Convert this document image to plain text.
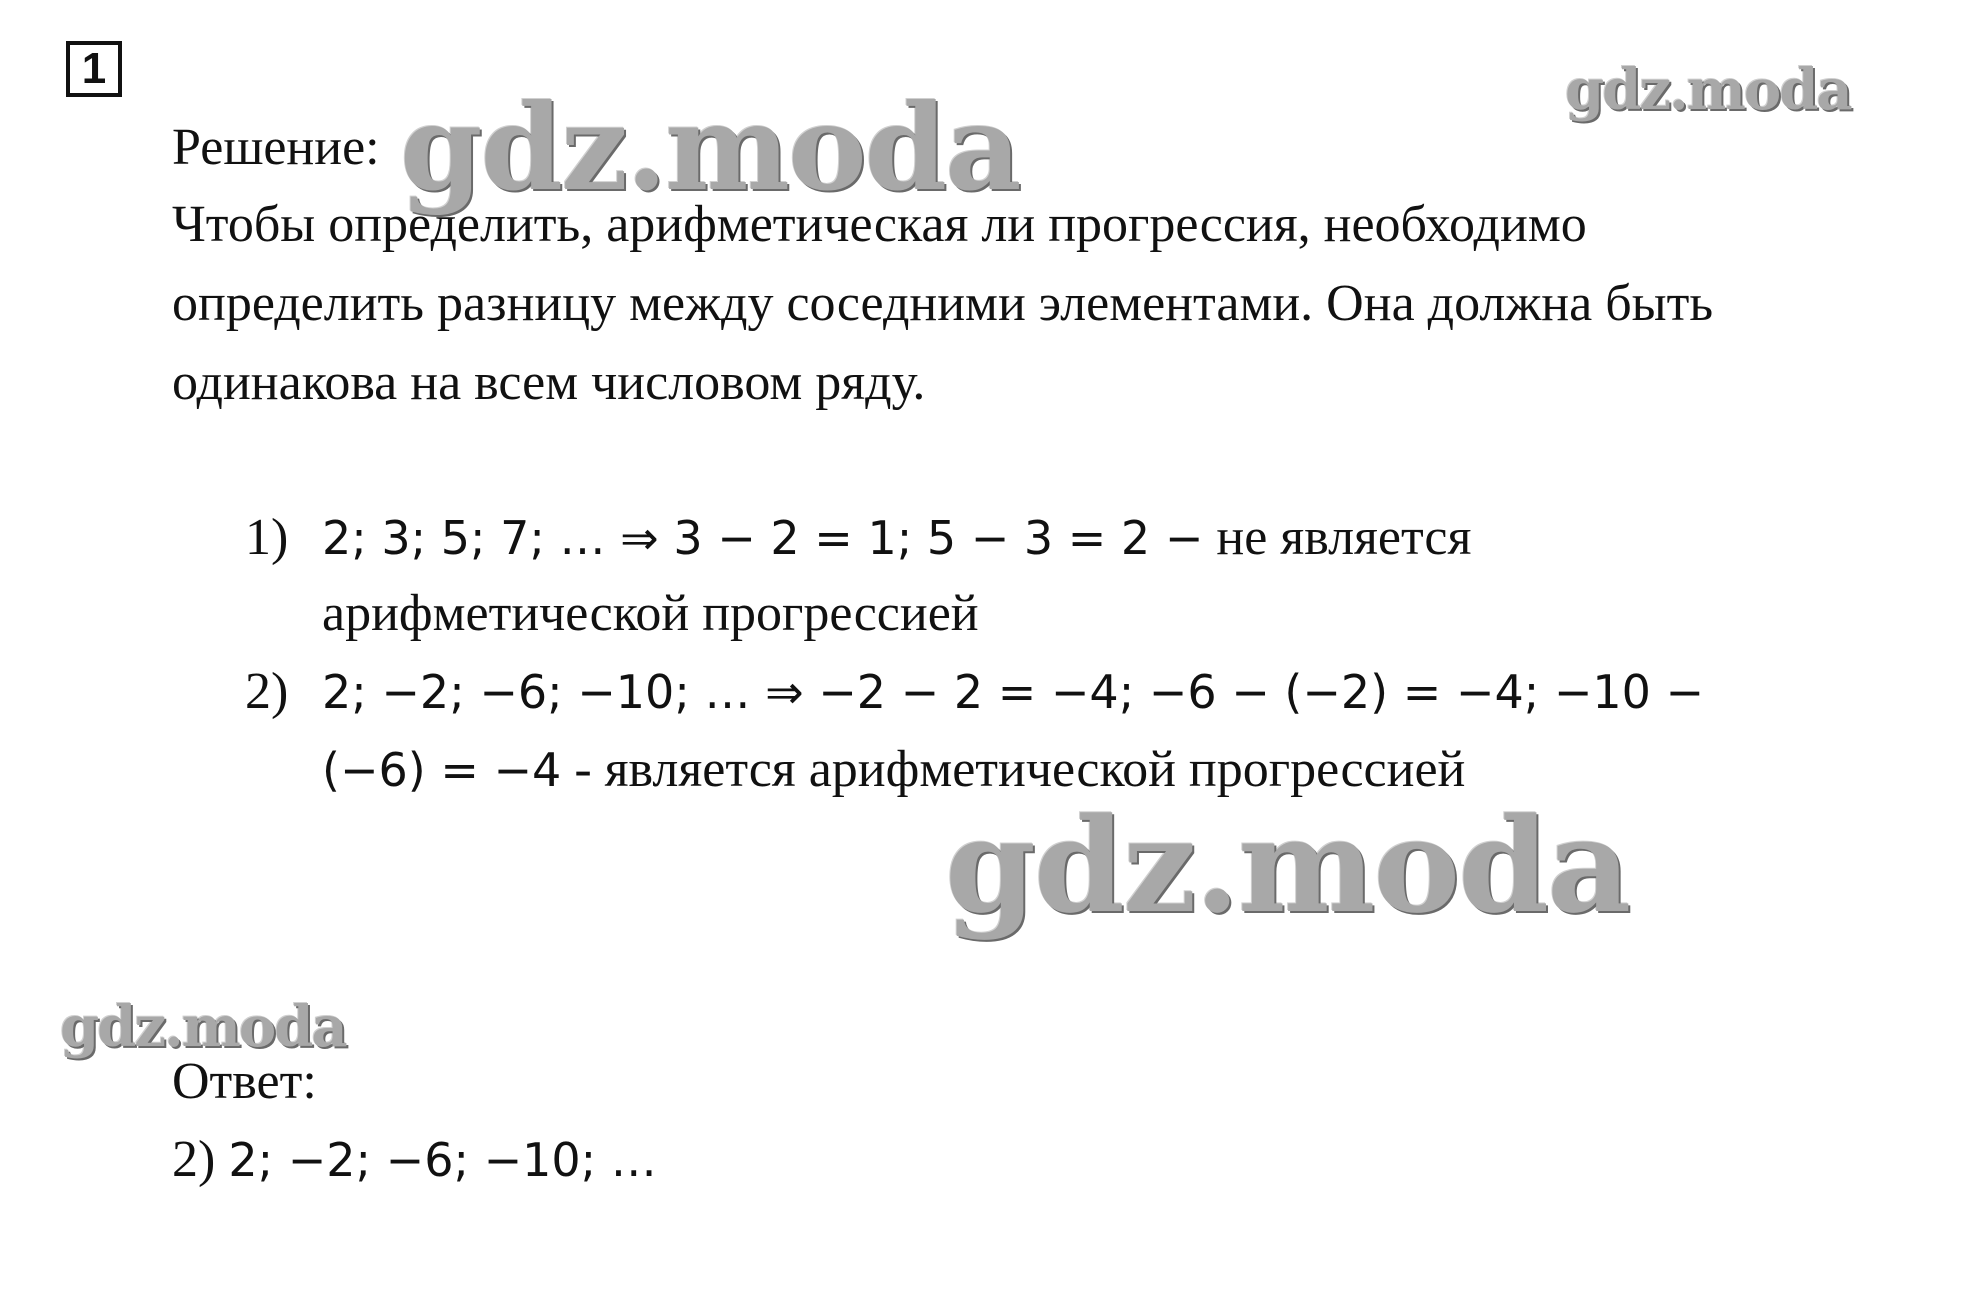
1
gdz.moda	gdz.moda
gdz.moda
gdz.moda
Решение:
Чтобы определить, арифметическая ли прогрессия, необходимо
определить разницу между соседними элементами. Она должна быть
одинакова на всем числовом ряду.
1) 2; 3; 5; 7; … ⇒ 3 − 2 = 1; 5 − 3 = 2 − не является
арифметической прогрессией
2) 2; −2; −6; −10; … ⇒ −2 − 2 = −4; −6 − (−2) = −4; −10 −
(−6) = −4 - является арифметической прогрессией
Ответ:
2) 2; −2; −6; −10; …
